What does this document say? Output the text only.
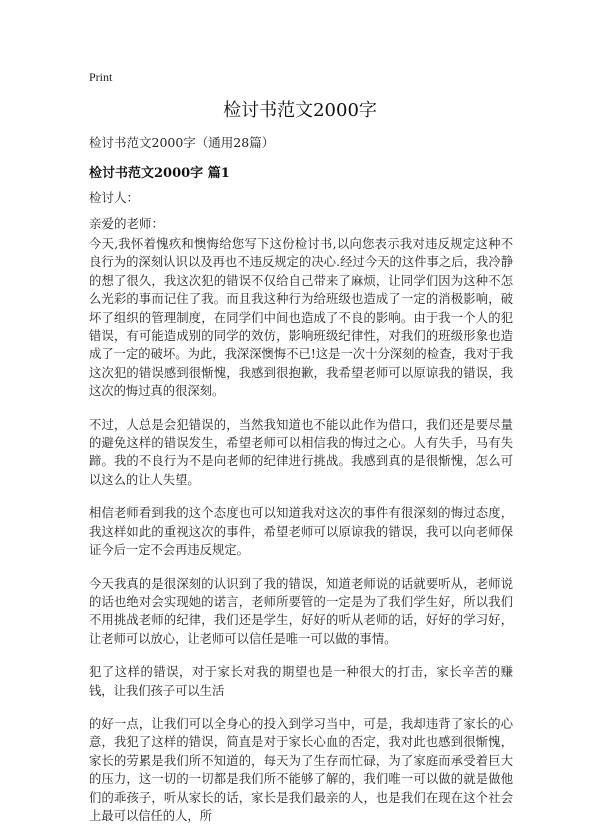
Print
检讨书范文2000字
检讨书范文2000字（通用28篇）
检讨书范文2000字 篇1
检讨人：
亲爱的老师：

今天,我怀着愧疚和懊悔给您写下这份检讨书,以向您表示我对违反规定这种不良行为的深刻认识以及再也不违反规定的决心.经过今天的这件事之后，我冷静的想了很久，我这次犯的错误不仅给自己带来了麻烦，让同学们因为这种不怎么光彩的事而记住了我。而且我这种行为给班级也造成了一定的消极影响，破坏了组织的管理制度，在同学们中间也造成了不良的影响。由于我一个人的犯错误，有可能造成别的同学的效仿，影响班级纪律性，对我们的班级形象也造成了一定的破坏。为此，我深深懊悔不已!这是一次十分深刻的检查，我对于我这次犯的错误感到很惭愧，我感到很抱歉，我希望老师可以原谅我的错误，我这次的悔过真的很深刻。

不过，人总是会犯错误的，当然我知道也不能以此作为借口，我们还是要尽量的避免这样的错误发生，希望老师可以相信我的悔过之心。人有失手，马有失蹄。我的不良行为不是向老师的纪律进行挑战。我感到真的是很惭愧，怎么可以这么的让人失望。

相信老师看到我的这个态度也可以知道我对这次的事件有很深刻的悔过态度，我这样如此的重视这次的事件，希望老师可以原谅我的错误，我可以向老师保证今后一定不会再违反规定。

今天我真的是很深刻的认识到了我的错误，知道老师说的话就要听从，老师说的话也绝对会实现她的诺言，老师所要管的一定是为了我们学生好，所以我们不用挑战老师的纪律，我们还是学生，好好的听从老师的话，好好的学习好，让老师可以放心，让老师可以信任是唯一可以做的事情。

犯了这样的错误，对于家长对我的期望也是一种很大的打击，家长辛苦的赚钱，让我们孩子可以生活

的好一点，让我们可以全身心的投入到学习当中，可是，我却违背了家长的心意，我犯了这样的错误，简直是对于家长心血的否定，我对此也感到很惭愧，家长的劳累是我们所不知道的，每天为了生存而忙碌，为了家庭而承受着巨大的压力，这一切的一切都是我们所不能够了解的，我们唯一可以做的就是做他们的乖孩子，听从家长的话，家长是我们最亲的人，也是我们在现在这个社会上最可以信任的人，所
